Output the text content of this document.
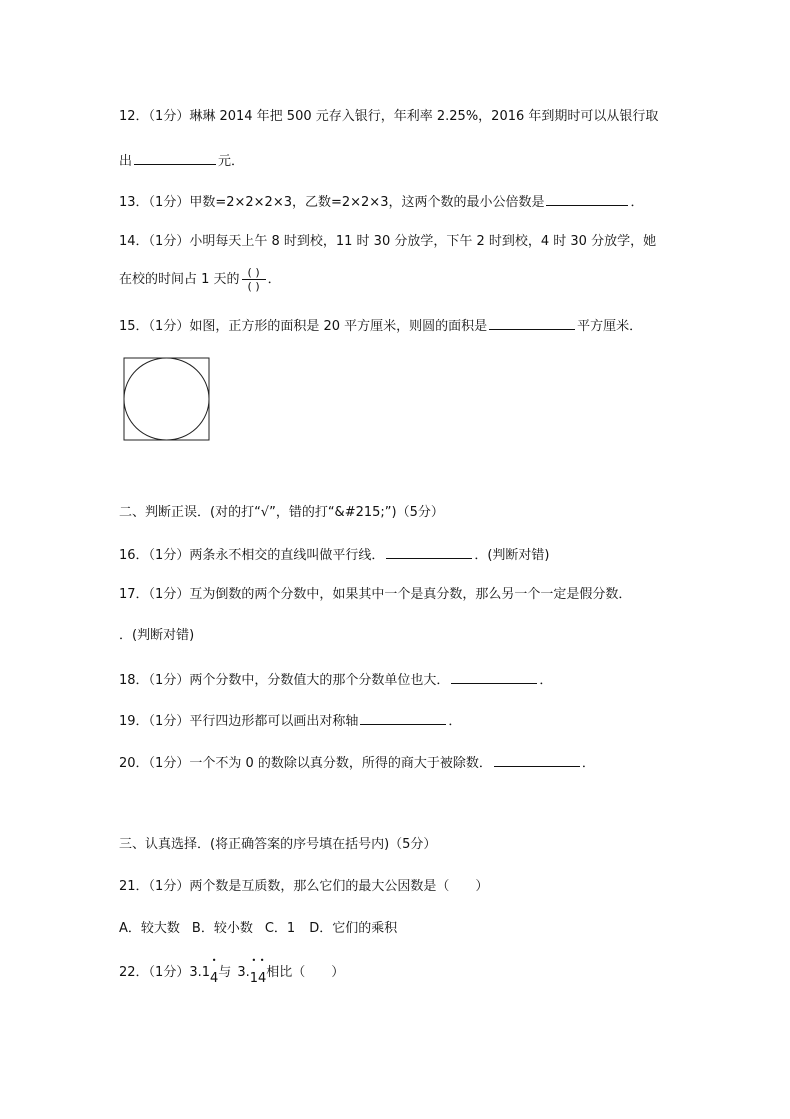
12．（1分）琳琳 2014 年把 500 元存入银行，年利率 2.25%，2016 年到期时可以从银行取
出	元．
13．（1分）甲数=2×2×2×3，乙数=2×2×3，这两个数的最小公倍数是	．
14．（1分）小明每天上午 8 时到校，11 时 30 分放学，下午 2 时到校，4 时 30 分放学，她
在校的时间占 1 天的 $\frac{( )}{( )}$ ．
15．（1分）如图，正方形的面积是 20 平方厘米，则圆的面积是	平方厘米．
二、判断正误．(对的打“√”，错的打“&#215;”)（5分）
16．（1分）两条永不相交的直线叫做平行线．	．(判断对错)
17．（1分）互为倒数的两个分数中，如果其中一个是真分数，那么另一个一定是假分数．
．(判断对错)
18．（1分）两个分数中，分数值大的那个分数单位也大．	．
19．（1分）平行四边形都可以画出对称轴	．
20．（1分）一个不为 0 的数除以真分数，所得的商大于被除数．	．
三、认真选择．(将正确答案的序号填在括号内)（5分）
21．（1分）两个数是互质数，那么它们的最大公因数是（　　）
A．较大数 B．较小数 C．1 D．它们的乘积
22．（1分）3.1• 4与 3.• 1• 4相比（　　）
